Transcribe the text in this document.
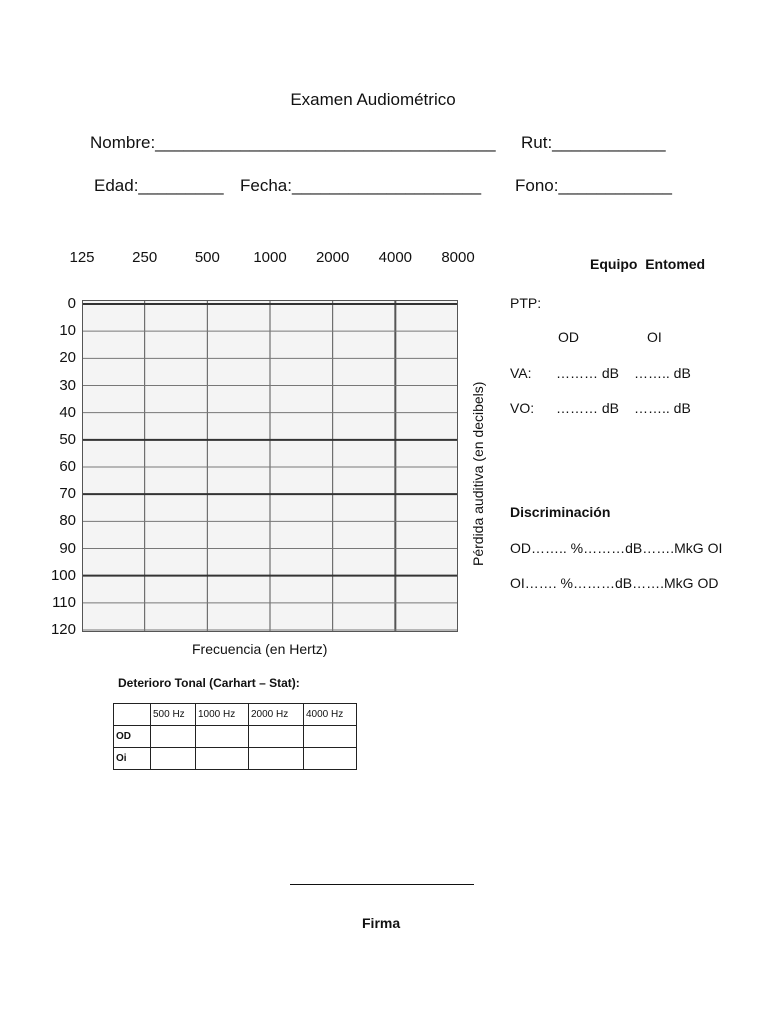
Examen Audiométrico
Nombre:____________________________________ Rut:____________
Edad:_________ Fecha:____________________ Fono:____________
125	250	500 1000 2000 4000 8000
0
10
20
30
40
50
60
70
80
90
100
110
120
Pérdida auditiva (en decibels)
Frecuencia (en Hertz)
Equipo  Entomed
PTP:
OD	OI
VA: ……… dB …….. dB
VO: ……… dB …….. dB
Discriminación
OD…….. %………dB…….MkG OI
OI……. %………dB…….MkG OD
Deterioro Tonal (Carhart – Stat):
	500 Hz	1000 Hz	2000 Hz	4000 Hz
OD				
Oi				
Firma
